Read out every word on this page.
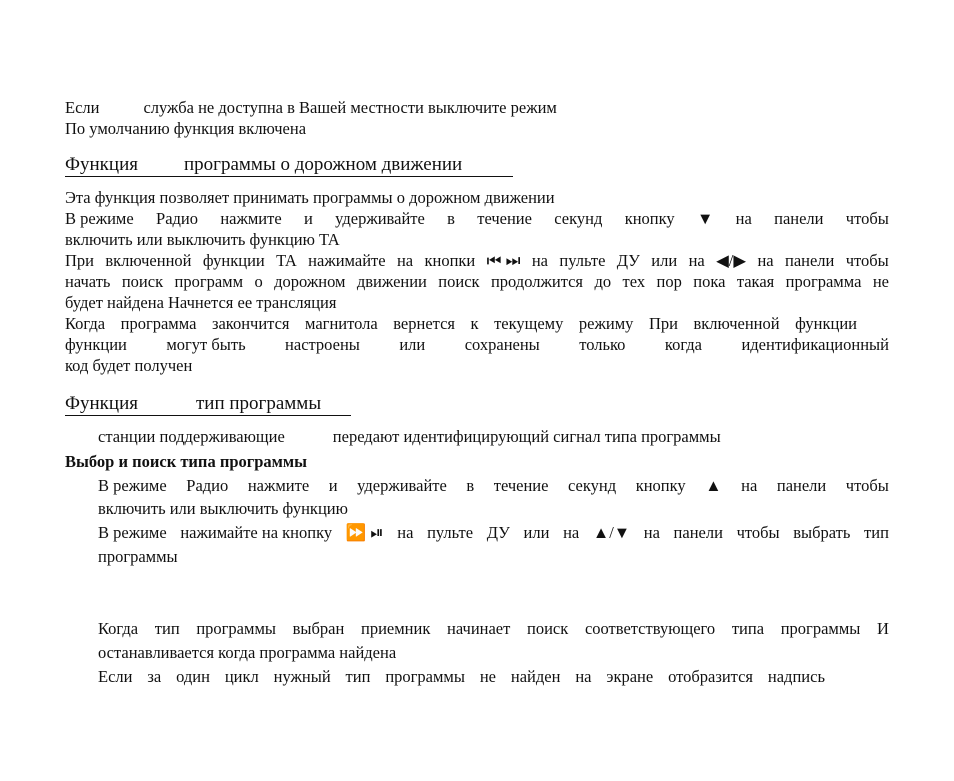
Если	служба не доступна в Вашей местности выключите режим
По умолчанию функция включена
Функция программы о дорожном движении
Эта функция позволяет принимать программы о дорожном движении
В режиме Радио нажмите и удерживайте в течение секунд кнопку ▼ на панели чтобы
включить или выключить функцию TA
При включенной функции TA нажимайте на кнопки ⏮ ⏭ на пульте ДУ или на ◀/▶ на панели чтобы
начать поиск программ о дорожном движении поиск продолжится до тех пор пока такая программа не
будет найдена Начнется ее трансляция
Когда программа закончится магнитола вернется к текущему режиму При включенной функции
функции могут быть настроены или сохранены только когда идентификационный
код будет получен
Функция	тип программы
станции поддерживающие	передают идентифицирующий сигнал типа программы
Выбор и поиск типа программы
В режиме Радио нажмите и удерживайте в течение секунд кнопку ▲ на панели чтобы
включить или выключить функцию
В режиме нажимайте на кнопку ⏩ ⏯ на пульте ДУ или на ▲/▼ на панели чтобы выбрать тип
программы
Когда тип программы выбран приемник начинает поиск соответствующего типа программы И
останавливается когда программа найдена
Если за один цикл нужный тип программы не найден на экране отобразится надпись
